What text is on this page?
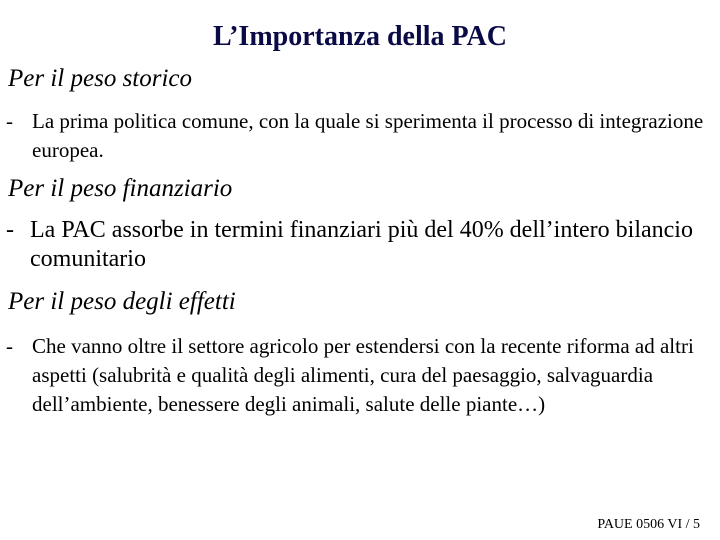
L’Importanza della PAC
Per il peso storico
- La prima politica comune, con la quale si sperimenta il processo di integrazione europea.
Per il peso finanziario
- La PAC assorbe in termini finanziari più del 40% dell’intero bilancio comunitario
Per il peso degli effetti
- Che vanno oltre il settore agricolo per estendersi con la recente riforma ad altri aspetti (salubrità e qualità degli alimenti, cura del paesaggio, salvaguardia dell’ambiente, benessere degli animali, salute delle piante…)
PAUE 0506 VI / 5
